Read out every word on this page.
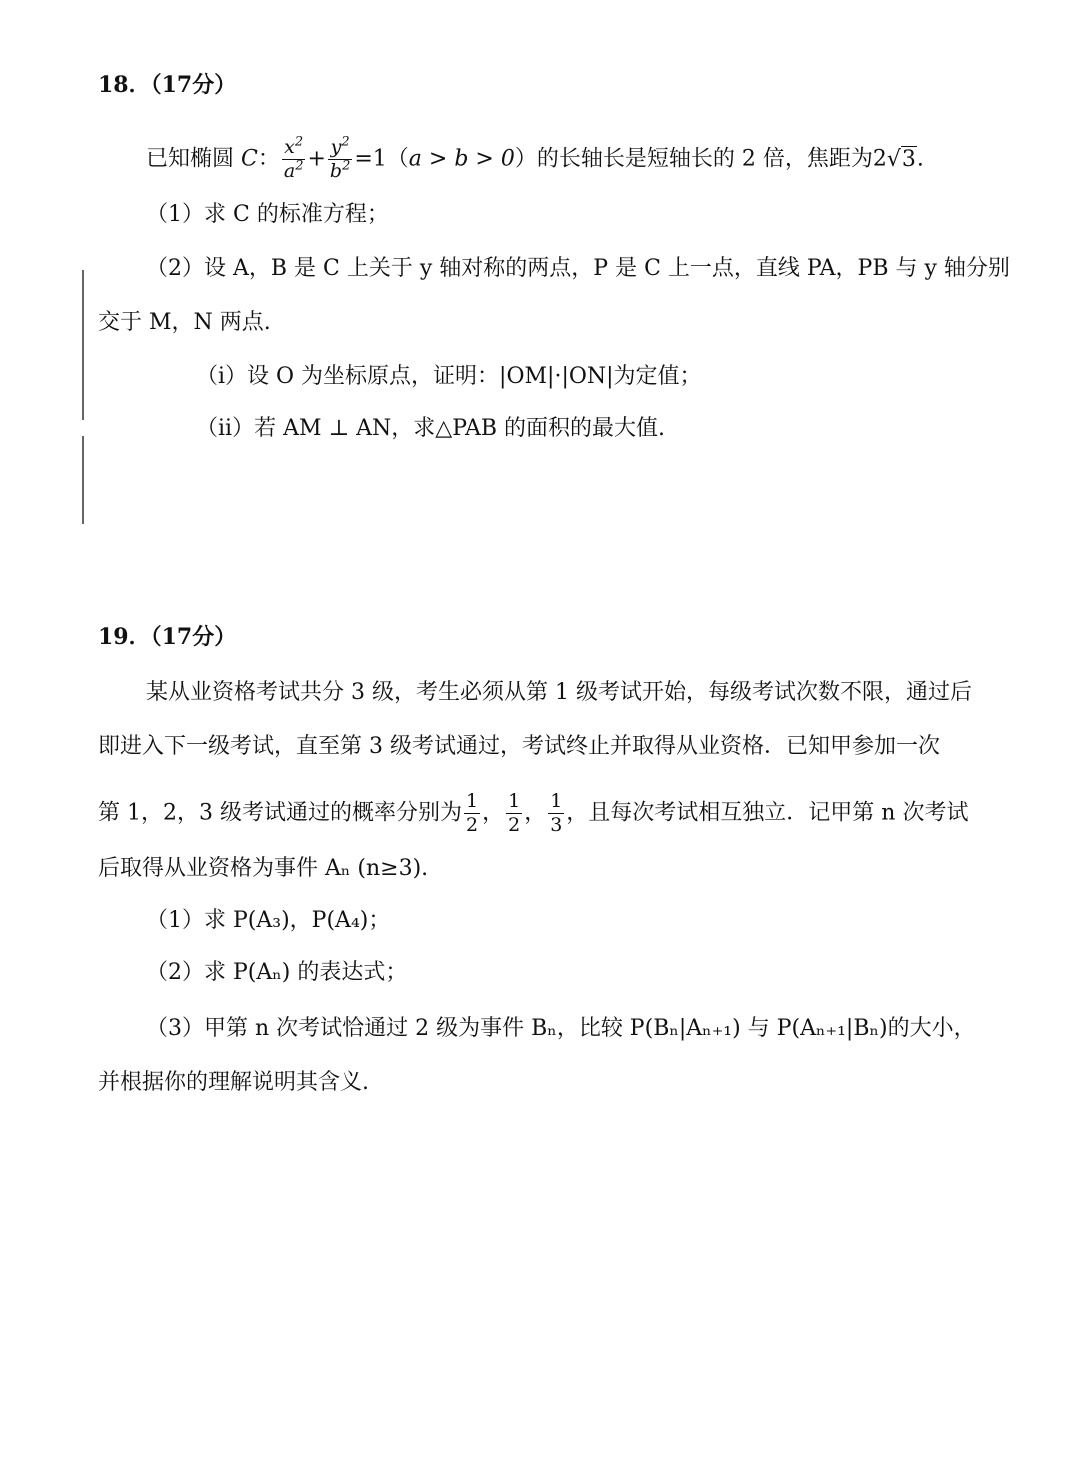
18．（17分）
已知椭圆 C： $\frac{x^2}{a^2} + \frac{y^2}{b^2} =1(a > b > 0)$的长轴长是短轴长的 2 倍，焦距为2√3.
（1）求 C 的标准方程；
（2）设 A，B 是 C 上关于 y 轴对称的两点，P 是 C 上一点，直线 PA，PB 与 y 轴分别
交于 M，N 两点.
（ⅰ）设 O 为坐标原点，证明：|OM|·|ON|为定值；
（ⅱ）若 AM ⊥ AN，求△PAB 的面积的最大值.
19．（17分）
某从业资格考试共分 3 级，考生必须从第 1 级考试开始，每级考试次数不限，通过后
即进入下一级考试，直至第 3 级考试通过，考试终止并取得从业资格．已知甲参加一次
第 1，2，3 级考试通过的概率分别为 $\frac{1}{2}$ ， $\frac{1}{2}$ ， $\frac{1}{3}$ ，且每次考试相互独立．记甲第 n 次考试
后取得从业资格为事件 Aₙ (n≥3).
（1）求 P(A₃)，P(A₄)；
（2）求 P(Aₙ) 的表达式；
（3）甲第 n 次考试恰通过 2 级为事件 Bₙ，比较 P(Bₙ|Aₙ₊₁) 与 P(Aₙ₊₁|Bₙ)的大小，
并根据你的理解说明其含义.
